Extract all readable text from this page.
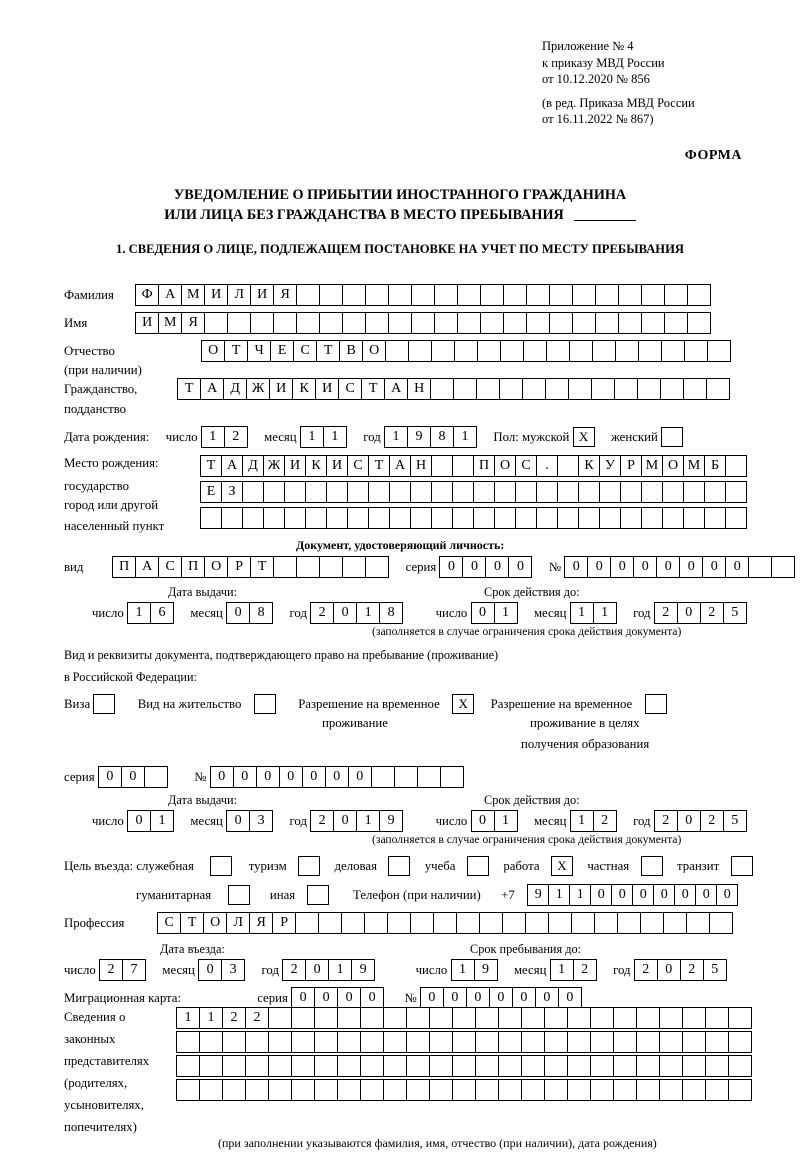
Приложение № 4
к приказу МВД России
от 10.12.2020 № 856
(в ред. Приказа МВД России
от 16.11.2022 № 867)
ФОРМА
УВЕДОМЛЕНИЕ О ПРИБЫТИИ ИНОСТРАННОГО ГРАЖДАНИНА
ИЛИ ЛИЦА БЕЗ ГРАЖДАНСТВА В МЕСТО ПРЕБЫВАНИЯ
1. СВЕДЕНИЯ О ЛИЦЕ, ПОДЛЕЖАЩЕМ ПОСТАНОВКЕ НА УЧЕТ ПО МЕСТУ ПРЕБЫВАНИЯ
Фамилия Ф А М И Л И Я
Имя	И М Я
Отчество	О Т Ч Е С Т В О
(при наличии)
Гражданство,	Т А Д Ж И К И С Т А Н
подданство
Дата рождения: число 1 2 месяц 1 1 год 1 9 8 1 Пол: мужской X женский
Место рождения:	Т А Д Ж И К И С Т А Н	П О С .	К У Р М О М Б
государство	Е З
город или другой
населенный пункт
Документ, удостоверяющий личность:
вид	П А С П О Р Т	серия 0 0 0 0 № 0 0 0 0 0 0 0 0
Дата выдачи:	Срок действия до:
число 1 6 месяц 0 8 год 2 0 1 8	число 0 1 месяц 1 1 год 2 0 2 5
(заполняется в случае ограничения срока действия документа)
Вид и реквизиты документа, подтверждающего право на пребывание (проживание)
в Российской Федерации:
Виза	Вид на жительство	Разрешение на временное X Разрешение на временное
проживание	проживание в целях
получения образования
серия 0 0	№ 0 0 0 0 0 0 0
Дата выдачи:	Срок действия до:
число 0 1 месяц 0 3 год 2 0 1 9	число 0 1 месяц 1 2 год 2 0 2 5
(заполняется в случае ограничения срока действия документа)
Цель въезда: служебная	туризм	деловая	учеба	работа X частная	транзит
гуманитарная	иная	Телефон (при наличии) +7 9 1 1 0 0 0 0 0 0 0
Профессия	С Т О Л Я Р
Дата въезда:	Срок пребывания до:
число 2 7 месяц 0 3 год 2 0 1 9	число 1 9 месяц 1 2 год 2 0 2 5
Миграционная карта:	серия 0 0 0 0 № 0 0 0 0 0 0 0
Сведения о
законных
представителях
(родителях,
усыновителях,
попечителях)
1 1 2 2
(при заполнении указываются фамилия, имя, отчество (при наличии), дата рождения)
